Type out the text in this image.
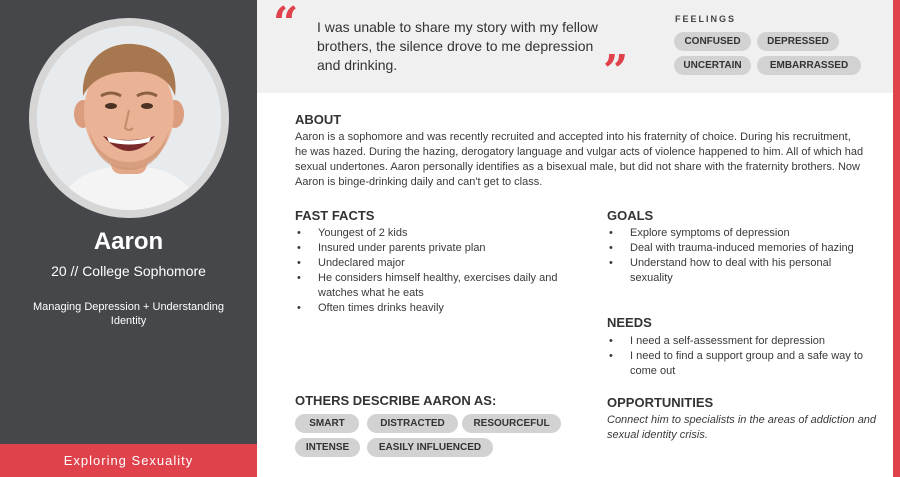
Aaron
20 // College Sophomore
Managing Depression + Understanding Identity
Exploring Sexuality
“ I was unable to share my story with my fellow brothers, the silence drove to me depression and drinking.	”
FEELINGS
CONFUSED	DEPRESSED
UNCERTAIN	EMBARRASSED
ABOUT
Aaron is a sophomore and was recently recruited and accepted into his fraternity of choice. During his recruitment, he was hazed. During the hazing, derogatory language and vulgar acts of violence happened to him. All of which had sexual undertones. Aaron personally identifies as a bisexual male, but did not share with the fraternity brothers. Now Aaron is binge-drinking daily and can't get to class.
FAST FACTS
• Youngest of 2 kids
• Insured under parents private plan
• Undeclared major
• He considers himself healthy, exercises daily and watches what he eats
• Often times drinks heavily
GOALS
• Explore symptoms of depression
• Deal with trauma-induced memories of hazing
• Understand how to deal with his personal sexuality
NEEDS
• I need a self-assessment for depression
• I need to find a support group and a safe way to come out
OTHERS DESCRIBE AARON AS:
SMART	DISTRACTED	RESOURCEFUL
INTENSE	EASILY INFLUENCED
OPPORTUNITIES
Connect him to specialists in the areas of addiction and sexual identity crisis.
